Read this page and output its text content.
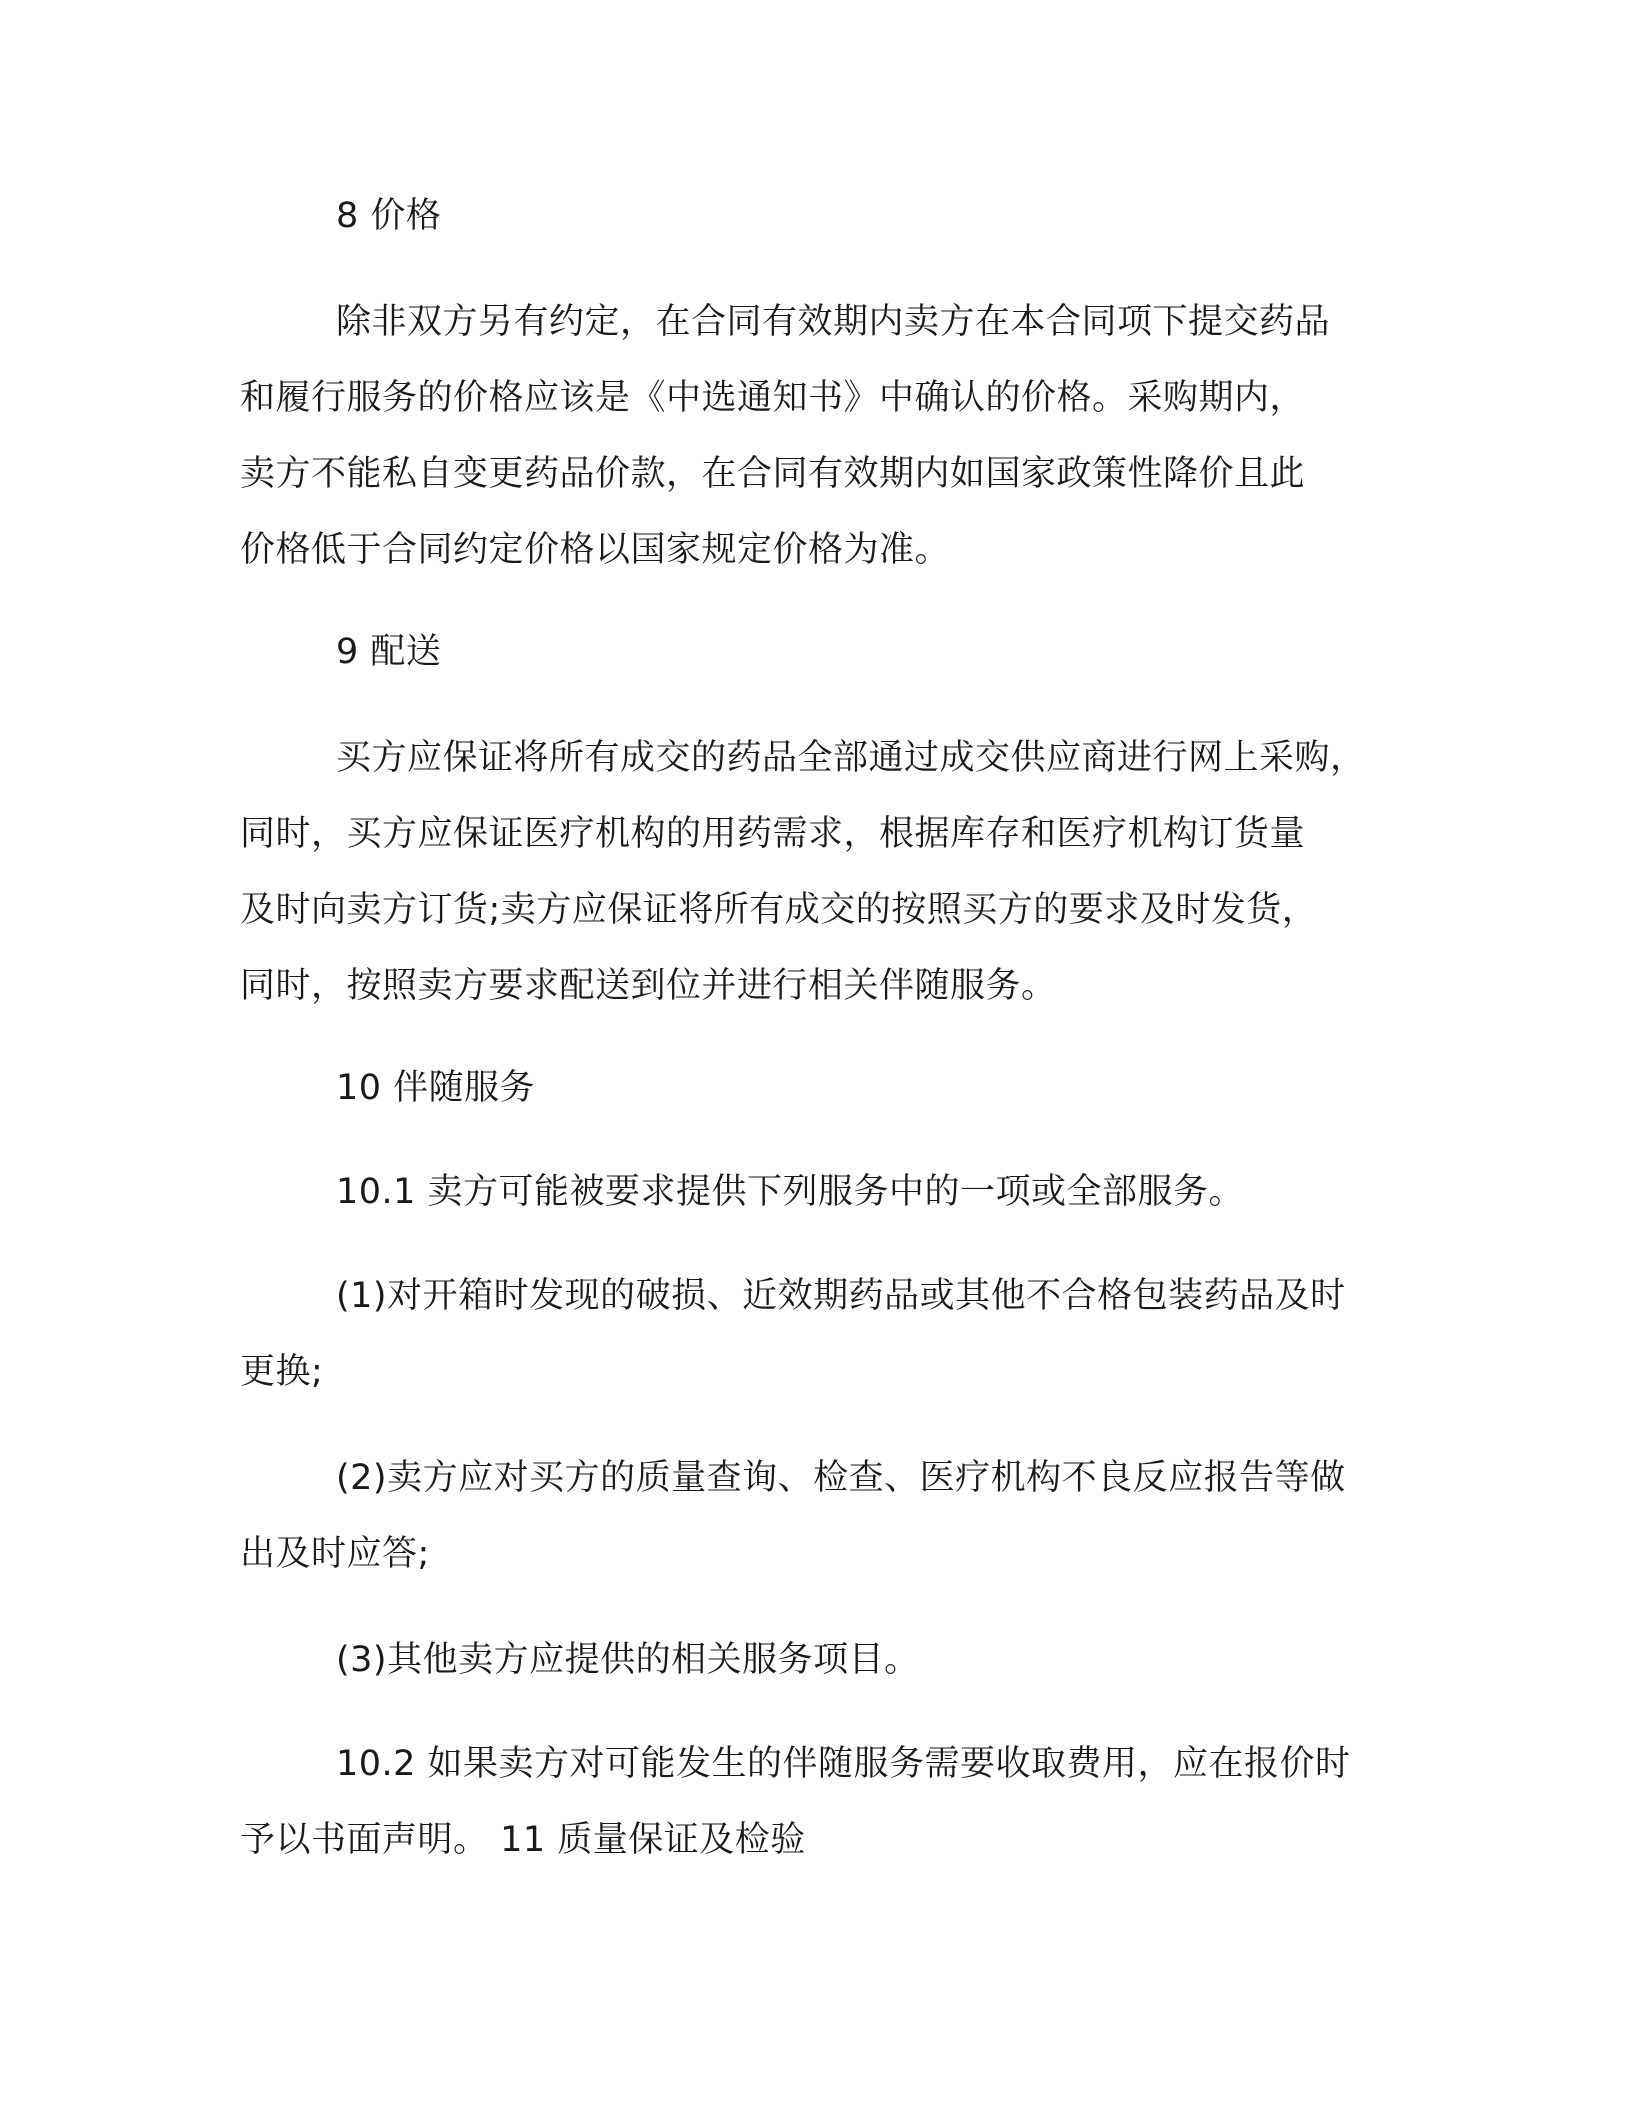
8 价格
除非双方另有约定，在合同有效期内卖方在本合同项下提交药品
和履行服务的价格应该是《中选通知书》中确认的价格。采购期内，
卖方不能私自变更药品价款，在合同有效期内如国家政策性降价且此
价格低于合同约定价格以国家规定价格为准。
9 配送
买方应保证将所有成交的药品全部通过成交供应商进行网上采购，
同时，买方应保证医疗机构的用药需求，根据库存和医疗机构订货量
及时向卖方订货;卖方应保证将所有成交的按照买方的要求及时发货，
同时，按照卖方要求配送到位并进行相关伴随服务。
10 伴随服务
10.1 卖方可能被要求提供下列服务中的一项或全部服务。
(1)对开箱时发现的破损、近效期药品或其他不合格包装药品及时
更换;
(2)卖方应对买方的质量查询、检查、医疗机构不良反应报告等做
出及时应答;
(3)其他卖方应提供的相关服务项目。
10.2 如果卖方对可能发生的伴随服务需要收取费用，应在报价时
予以书面声明。 11 质量保证及检验
